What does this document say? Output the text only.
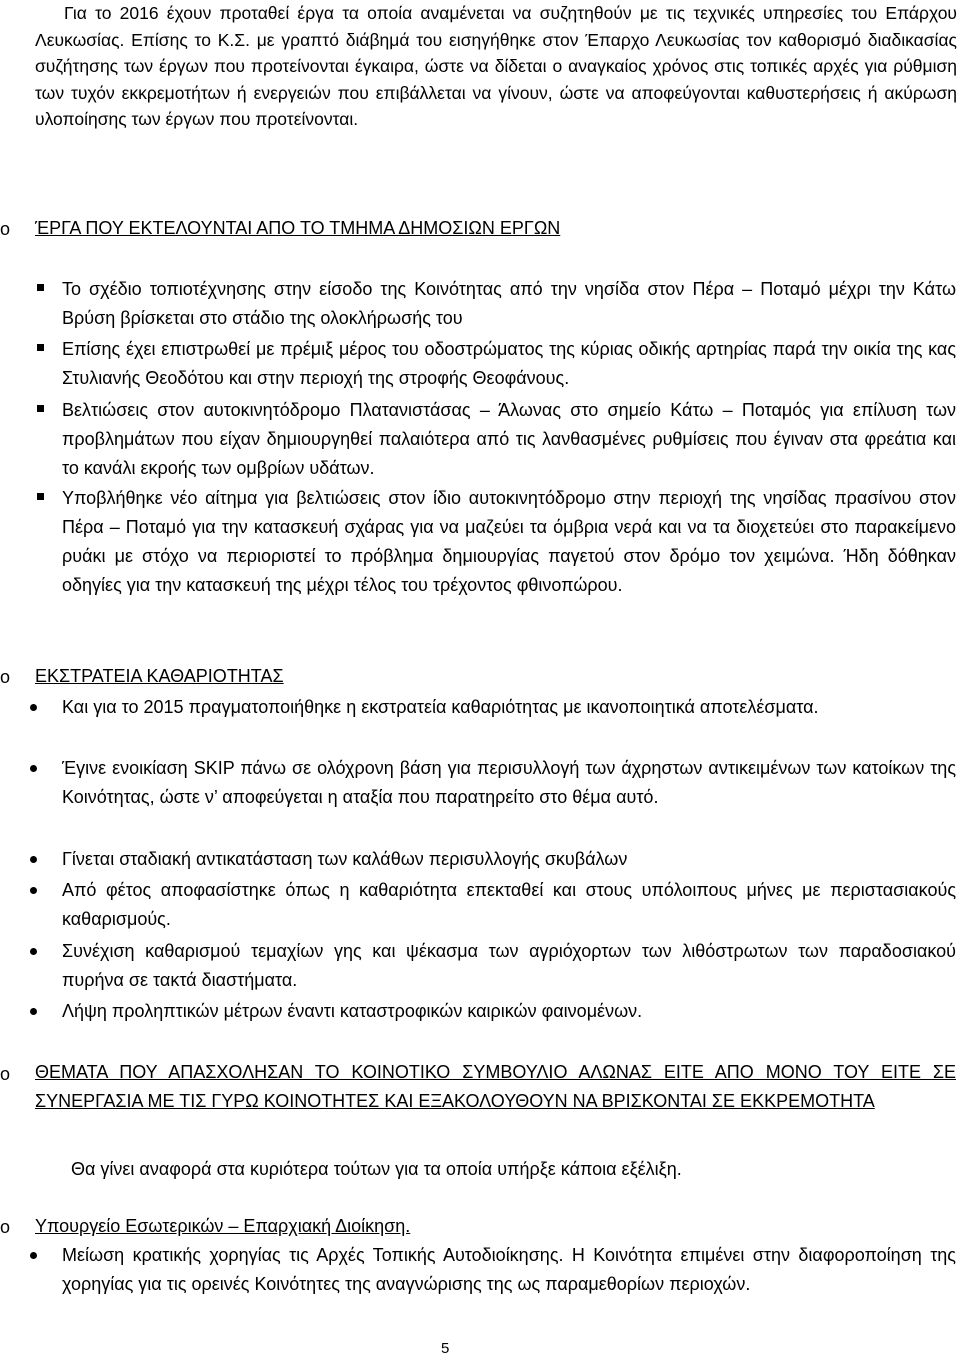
Για το 2016 έχουν προταθεί έργα τα οποία αναμένεται να συζητηθούν με τις τεχνικές υπηρεσίες του Επάρχου Λευκωσίας. Επίσης το Κ.Σ. με γραπτό διάβημά του εισηγήθηκε στον Έπαρχο Λευκωσίας τον καθορισμό διαδικασίας συζήτησης των έργων που προτείνονται έγκαιρα, ώστε να δίδεται ο αναγκαίος χρόνος στις τοπικές αρχές για ρύθμιση των τυχόν εκκρεμοτήτων ή ενεργειών που επιβάλλεται να γίνουν, ώστε να αποφεύγονται καθυστερήσεις ή ακύρωση υλοποίησης των έργων που προτείνονται.
o ΈΡΓΑ ΠΟΥ ΕΚΤΕΛΟΥΝΤΑΙ ΑΠΟ ΤΟ ΤΜΗΜΑ ΔΗΜΟΣΙΩΝ ΕΡΓΩΝ
Το σχέδιο τοπιοτέχνησης στην είσοδο της Κοινότητας από την νησίδα στον Πέρα – Ποταμό μέχρι την Κάτω Βρύση βρίσκεται στο στάδιο της ολοκλήρωσής του
Επίσης έχει επιστρωθεί με πρέμιξ μέρος του οδοστρώματος της κύριας οδικής αρτηρίας παρά την οικία της κας Στυλιανής Θεοδότου και στην περιοχή της στροφής Θεοφάνους.
Βελτιώσεις στον αυτοκινητόδρομο Πλατανιστάσας – Άλωνας στο σημείο Κάτω – Ποταμός για επίλυση των προβλημάτων που είχαν δημιουργηθεί παλαιότερα από τις λανθασμένες ρυθμίσεις που έγιναν στα φρεάτια και το κανάλι εκροής των ομβρίων υδάτων.
Υποβλήθηκε νέο αίτημα για βελτιώσεις στον ίδιο αυτοκινητόδρομο στην περιοχή της νησίδας πρασίνου στον Πέρα – Ποταμό για την κατασκευή σχάρας για να μαζεύει τα όμβρια νερά και να τα διοχετεύει στο παρακείμενο ρυάκι με στόχο να περιοριστεί το πρόβλημα δημιουργίας παγετού στον δρόμο τον χειμώνα. Ήδη δόθηκαν οδηγίες για την κατασκευή της μέχρι τέλος του τρέχοντος φθινοπώρου.
o ΕΚΣΤΡΑΤΕΙΑ ΚΑΘΑΡΙΟΤΗΤΑΣ
Και για το 2015 πραγματοποιήθηκε η εκστρατεία καθαριότητας με ικανοποιητικά αποτελέσματα.
Έγινε ενοικίαση SKIP πάνω σε ολόχρονη βάση για περισυλλογή των άχρηστων αντικειμένων των κατοίκων της Κοινότητας, ώστε ν’ αποφεύγεται η αταξία που παρατηρείτο στο θέμα αυτό.
Γίνεται σταδιακή αντικατάσταση των καλάθων περισυλλογής σκυβάλων
Από φέτος αποφασίστηκε όπως η καθαριότητα επεκταθεί και στους υπόλοιπους μήνες με περιστασιακούς καθαρισμούς.
Συνέχιση καθαρισμού τεμαχίων γης και ψέκασμα των αγριόχορτων των λιθόστρωτων των παραδοσιακού πυρήνα σε τακτά διαστήματα.
Λήψη προληπτικών μέτρων έναντι καταστροφικών καιρικών φαινομένων.
o ΘΕΜΑΤΑ ΠΟΥ ΑΠΑΣΧΟΛΗΣΑΝ ΤΟ ΚΟΙΝΟΤΙΚΟ ΣΥΜΒΟΥΛΙΟ ΑΛΩΝΑΣ ΕΙΤΕ ΑΠΟ ΜΟΝΟ ΤΟΥ ΕΙΤΕ ΣΕ ΣΥΝΕΡΓΑΣΙΑ ΜΕ ΤΙΣ ΓΥΡΩ ΚΟΙΝΟΤΗΤΕΣ ΚΑΙ ΕΞΑΚΟΛΟΥΘΟΥΝ ΝΑ ΒΡΙΣΚΟΝΤΑΙ ΣΕ ΕΚΚΡΕΜΟΤΗΤΑ
Θα γίνει αναφορά στα κυριότερα τούτων για τα οποία υπήρξε κάποια εξέλιξη.
o Υπουργείο Εσωτερικών – Επαρχιακή Διοίκηση.
Μείωση κρατικής χορηγίας τις Αρχές Τοπικής Αυτοδιοίκησης. Η Κοινότητα επιμένει στην διαφοροποίηση της χορηγίας για τις ορεινές Κοινότητες της αναγνώρισης της ως παραμεθορίων περιοχών.
5
